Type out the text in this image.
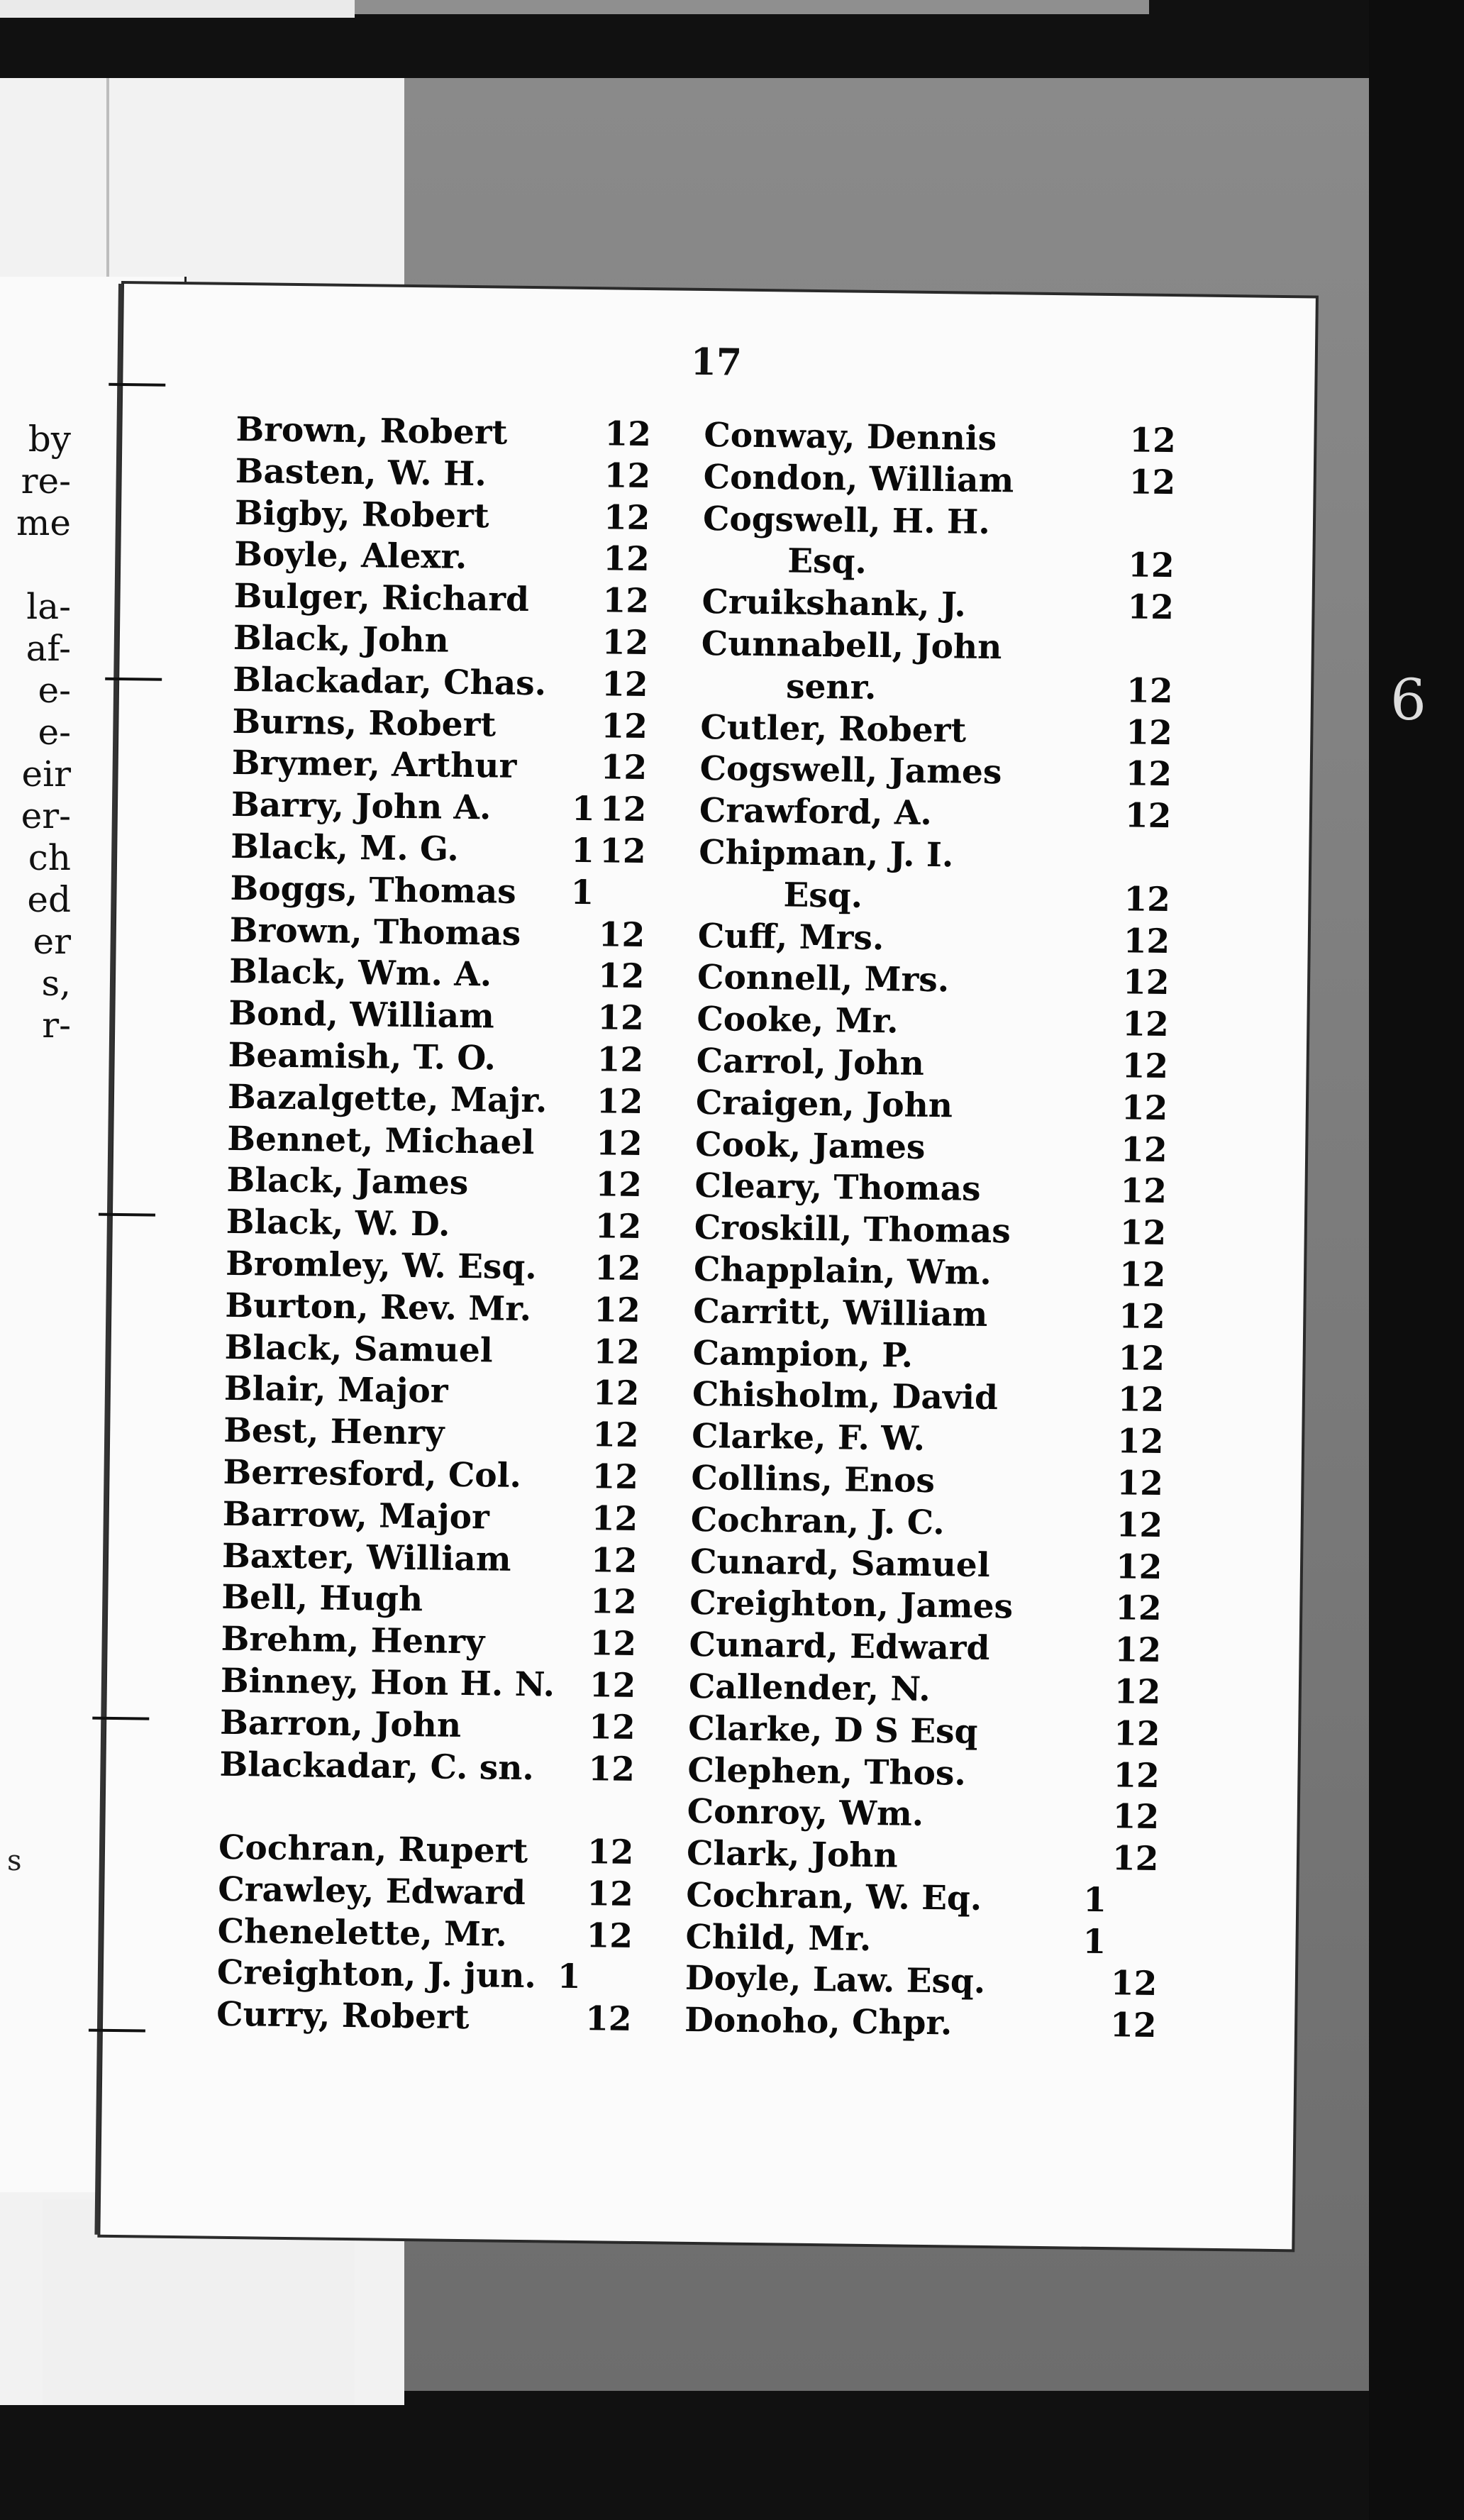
by
re-
me
la-
af-
e-
e-
eir
er-
ch
ed
er
s,
r-
s
6
17
Brown, Robert	12
Basten, W. H.	12
Bigby, Robert	12
Boyle, Alexr.	12
Bulger, Richard 12
Black, John	12
Blackadar, Chas. 12
Burns, Robert	12
Brymer, Arthur	12
Barry, John A. 1 12
Black, M. G.	1 12
Boggs, Thomas 1
Brown, Thomas 12
Black, Wm. A.	12
Bond, William	12
Beamish, T. O.	12
Bazalgette, Majr. 12
Bennet, Michael 12
Black, James	12
Black, W. D.	12
Bromley, W. Esq. 12
Burton, Rev. Mr. 12
Black, Samuel	12
Blair, Major	12
Best, Henry	12
Berresford, Col. 12
Barrow, Major	12
Baxter, William 12
Bell, Hugh	12
Brehm, Henry	12
Binney, Hon H. N. 12
Barron, John	12
Blackadar, C. sn. 12
Cochran, Rupert 12
Crawley, Edward 12
Chenelette, Mr. 12
Creighton, J. jun. 1
Curry, Robert	12
Conway, Dennis	12
Condon, William	12
Cogswell, H. H.
Esq.	12
Cruikshank, J.	12
Cunnabell, John
senr.	12
Cutler, Robert	12
Cogswell, James	12
Crawford, A.	12
Chipman, J. I.
Esq.	12
Cuff, Mrs.	12
Connell, Mrs.	12
Cooke, Mr.	12
Carrol, John	12
Craigen, John	12
Cook, James	12
Cleary, Thomas	12
Croskill, Thomas	12
Chapplain, Wm.	12
Carritt, William	12
Campion, P.	12
Chisholm, David	12
Clarke, F. W.	12
Collins, Enos	12
Cochran, J. C.	12
Cunard, Samuel	12
Creighton, James	12
Cunard, Edward	12
Callender, N.	12
Clarke, D S Esq	12
Clephen, Thos.	12
Conroy, Wm.	12
Clark, John	12
Cochran, W. Eq.	1
Child, Mr.	1
Doyle, Law. Esq.	12
Donoho, Chpr.	12
